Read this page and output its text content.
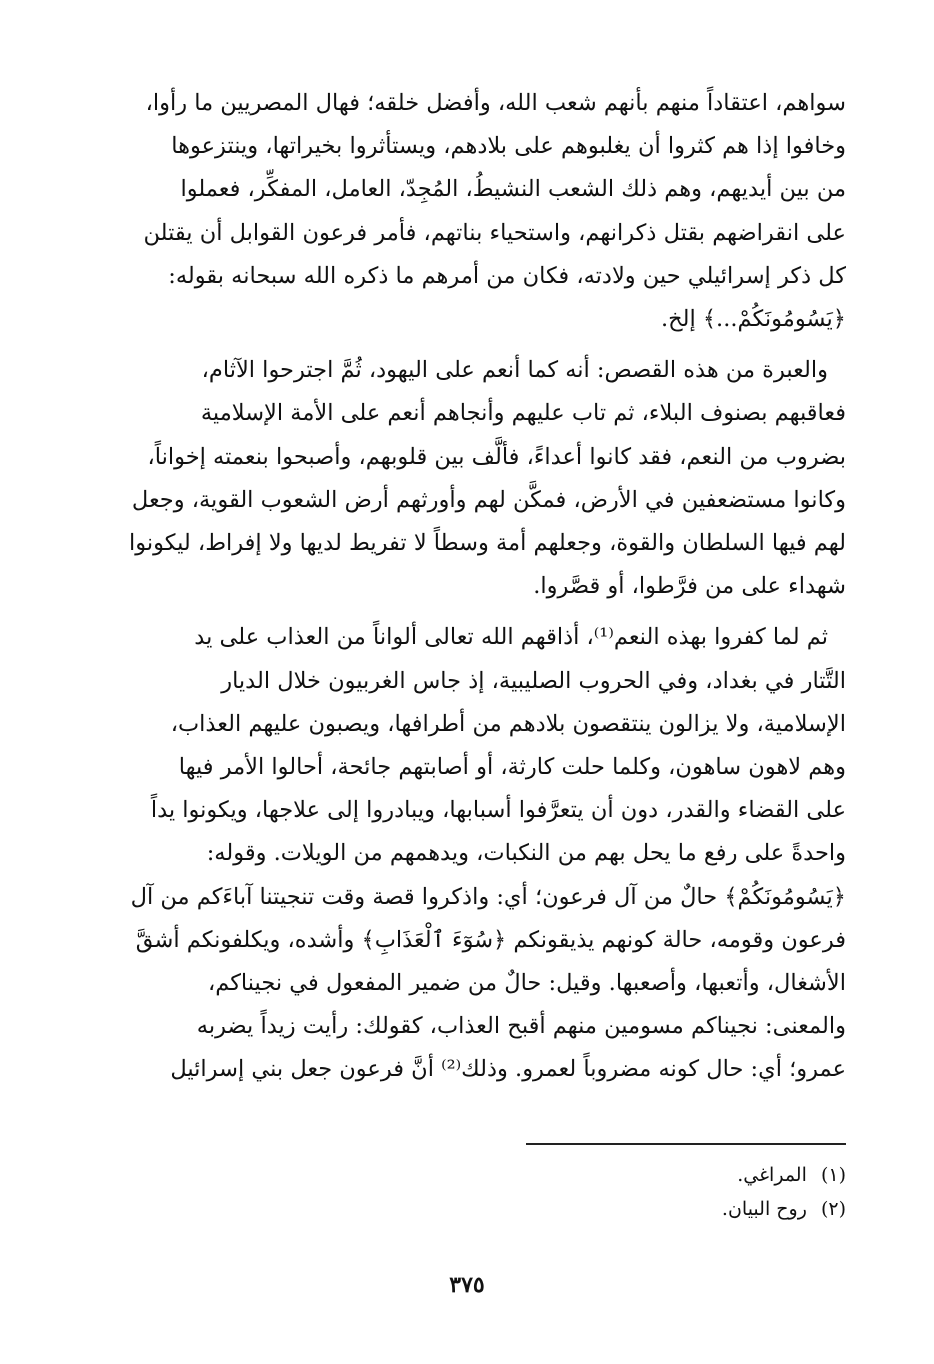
سواهم، اعتقاداً منهم بأنهم شعب الله، وأفضل خلقه؛ فهال المصريين ما رأوا،
وخافوا إذا هم كثروا أن يغلبوهم على بلادهم، ويستأثروا بخيراتها، وينتزعوها
من بين أيديهم، وهم ذلك الشعب النشيطُ، المُجِدّ، العامل، المفكِّر، فعملوا
على انقراضهم بقتل ذكرانهم، واستحياء بناتهم، فأمر فرعون القوابل أن يقتلن
كل ذكر إسرائيلي حين ولادته، فكان من أمرهم ما ذكره الله سبحانه بقوله:
﴿يَسُومُونَكُمْ...﴾ إلخ.

والعبرة من هذه القصص: أنه كما أنعم على اليهود، ثُمَّ اجترحوا الآثام،
فعاقبهم بصنوف البلاء، ثم تاب عليهم وأنجاهم أنعم على الأمة الإسلامية
بضروب من النعم، فقد كانوا أعداءً، فألَّف بين قلوبهم، وأصبحوا بنعمته إخواناً،
وكانوا مستضعفين في الأرض، فمكَّن لهم وأورثهم أرض الشعوب القوية، وجعل
لهم فيها السلطان والقوة، وجعلهم أمة وسطاً لا تفريط لديها ولا إفراط، ليكونوا
شهداء على من فرَّطوا، أو قصَّروا.

ثم لما كفروا بهذه النعم⁽¹⁾، أذاقهم الله تعالى ألواناً من العذاب على يد
التَّتار في بغداد، وفي الحروب الصليبية، إذ جاس الغربيون خلال الديار
الإسلامية، ولا يزالون ينتقصون بلادهم من أطرافها، ويصبون عليهم العذاب،
وهم لاهون ساهون، وكلما حلت كارثة، أو أصابتهم جائحة، أحالوا الأمر فيها
على القضاء والقدر، دون أن يتعرَّفوا أسبابها، ويبادروا إلى علاجها، ويكونوا يداً
واحدةً على رفع ما يحل بهم من النكبات، ويدهمهم من الويلات. وقوله:
﴿يَسُومُونَكُمْ﴾ حالٌ من آل فرعون؛ أي: واذكروا قصة وقت تنجيتنا آباءَكم من آل
فرعون وقومه، حالة كونهم يذيقونكم ﴿سُوٓءَ ٱلْعَذَابِ﴾ وأشده، ويكلفونكم أشقَّ
الأشغال، وأتعبها، وأصعبها. وقيل: حالٌ من ضمير المفعول في نجيناكم،
والمعنى: نجيناكم مسومين منهم أقبح العذاب، كقولك: رأيت زيداً يضربه
عمرو؛ أي: حال كونه مضروباً لعمرو. وذلك⁽²⁾ أنَّ فرعون جعل بني إسرائيل

(١) المراغي.
(٢) روح البيان.
٣٧٥
